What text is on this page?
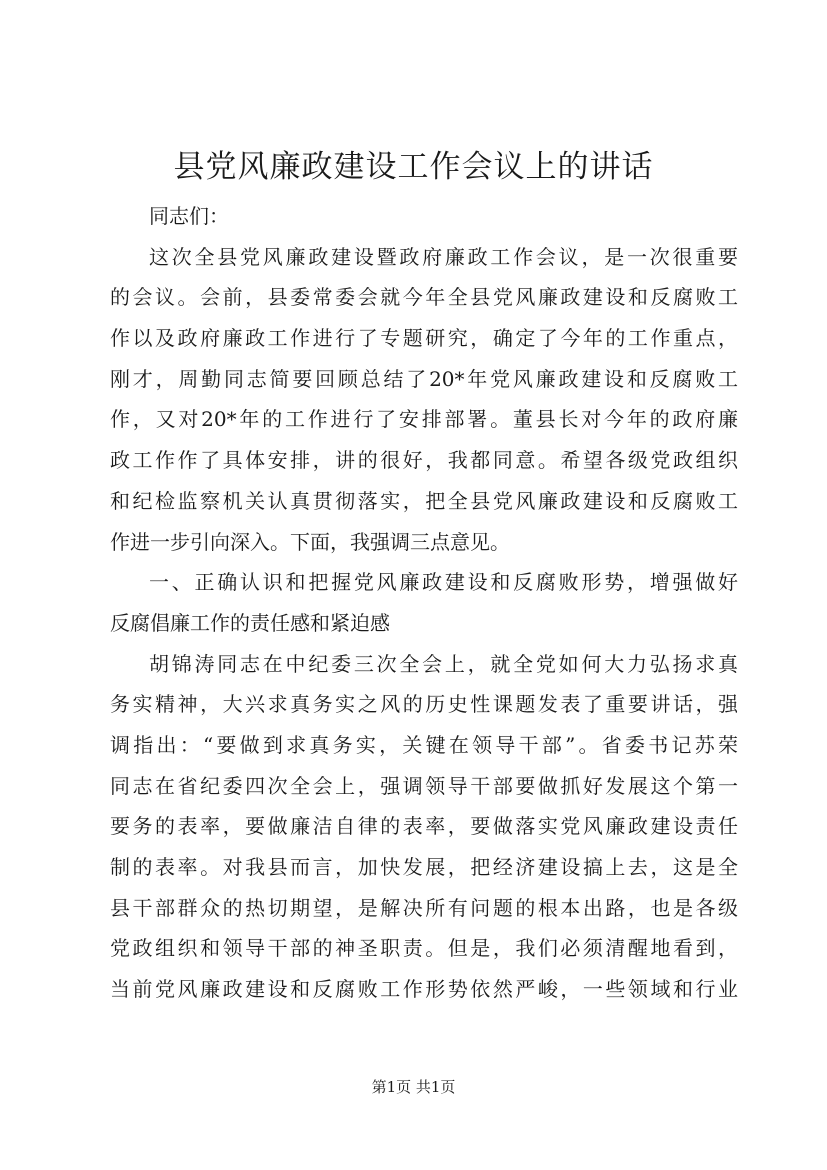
县党风廉政建设工作会议上的讲话
同志们：
这次全县党风廉政建设暨政府廉政工作会议，是一次很重要
的会议。会前，县委常委会就今年全县党风廉政建设和反腐败工
作以及政府廉政工作进行了专题研究，确定了今年的工作重点，
刚才，周勤同志简要回顾总结了20*年党风廉政建设和反腐败工
作，又对20*年的工作进行了安排部署。董县长对今年的政府廉
政工作作了具体安排，讲的很好，我都同意。希望各级党政组织
和纪检监察机关认真贯彻落实，把全县党风廉政建设和反腐败工
作进一步引向深入。下面，我强调三点意见。
一、正确认识和把握党风廉政建设和反腐败形势，增强做好
反腐倡廉工作的责任感和紧迫感
胡锦涛同志在中纪委三次全会上，就全党如何大力弘扬求真
务实精神，大兴求真务实之风的历史性课题发表了重要讲话，强
调指出：“要做到求真务实，关键在领导干部”。省委书记苏荣
同志在省纪委四次全会上，强调领导干部要做抓好发展这个第一
要务的表率，要做廉洁自律的表率，要做落实党风廉政建设责任
制的表率。对我县而言，加快发展，把经济建设搞上去，这是全
县干部群众的热切期望，是解决所有问题的根本出路，也是各级
党政组织和领导干部的神圣职责。但是，我们必须清醒地看到，
当前党风廉政建设和反腐败工作形势依然严峻，一些领域和行业
第1页 共1页
